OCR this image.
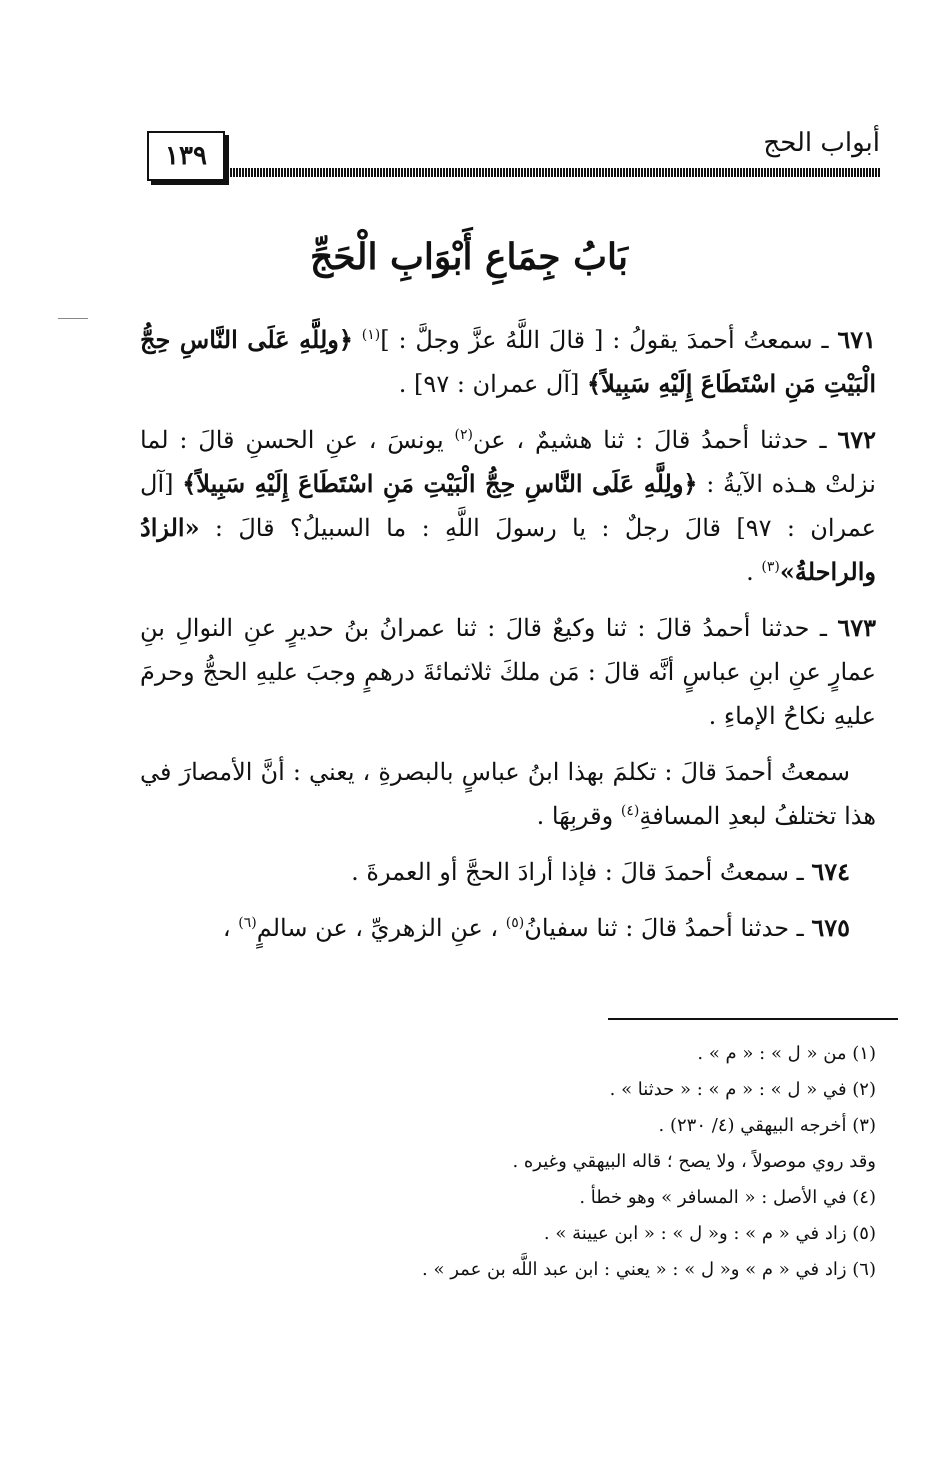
أبواب الحج
١٣٩
بَابُ جِمَاعِ أَبْوَابِ الْحَجِّ

٦٧١ ـ سمعتُ أحمدَ يقولُ : [ قالَ اللَّهُ عزَّ وجلَّ : ]$^{(١)}$ ﴿ولِلَّهِ عَلَى النَّاسِ حِجُّ الْبَيْتِ مَنِ اسْتَطَاعَ إِلَيْهِ سَبِيلاً﴾ [آل عمران : ٩٧] .

٦٧٢ ـ حدثنا أحمدُ قالَ : ثنا هشيمٌ ، عن$^{(٢)}$ يونسَ ، عنِ الحسنِ قالَ : لما نزلتْ هـذه الآيةُ : ﴿ولِلَّهِ عَلَى النَّاسِ حِجُّ الْبَيْتِ مَنِ اسْتَطَاعَ إِلَيْهِ سَبِيلاً﴾ [آل عمران : ٩٧] قالَ رجلٌ : يا رسولَ اللَّهِ : ما السبيلُ؟ قالَ : «الزادُ والراحلةُ»$^{(٣)}$ .

٦٧٣ ـ حدثنا أحمدُ قالَ : ثنا وكيعٌ قالَ : ثنا عمرانُ بنُ حديرٍ عنِ النوالِ بنِ عمارٍ عنِ ابنِ عباسٍ أنَّه قالَ : مَن ملكَ ثلاثمائةَ درهمٍ وجبَ عليهِ الحجُّ وحرمَ عليهِ نكاحُ الإماءِ .

سمعتُ أحمدَ قالَ : تكلمَ بهذا ابنُ عباسٍ بالبصرةِ ، يعني : أنَّ الأمصارَ في هذا تختلفُ لبعدِ المسافةِ$^{(٤)}$ وقربِهَا .

٦٧٤ ـ سمعتُ أحمدَ قالَ : فإذا أرادَ الحجَّ أو العمرةَ .

٦٧٥ ـ حدثنا أحمدُ قالَ : ثنا سفيانُ$^{(٥)}$ ، عنِ الزهريِّ ، عن سالمٍ$^{(٦)}$ ،

(١) من « ل » : « م » .

(٢) في « ل » : « م » : « حدثنا » .

(٣) أخرجه البيهقي (٤/ ٢٣٠) .

وقد روي موصولاً ، ولا يصح ؛ قاله البيهقي وغيره .

(٤) في الأصل : « المسافر » وهو خطأ .

(٥) زاد في « م » : و« ل » : « ابن عيينة » .

(٦) زاد في « م » و« ل » : « يعني : ابن عبد اللَّه بن عمر » .
